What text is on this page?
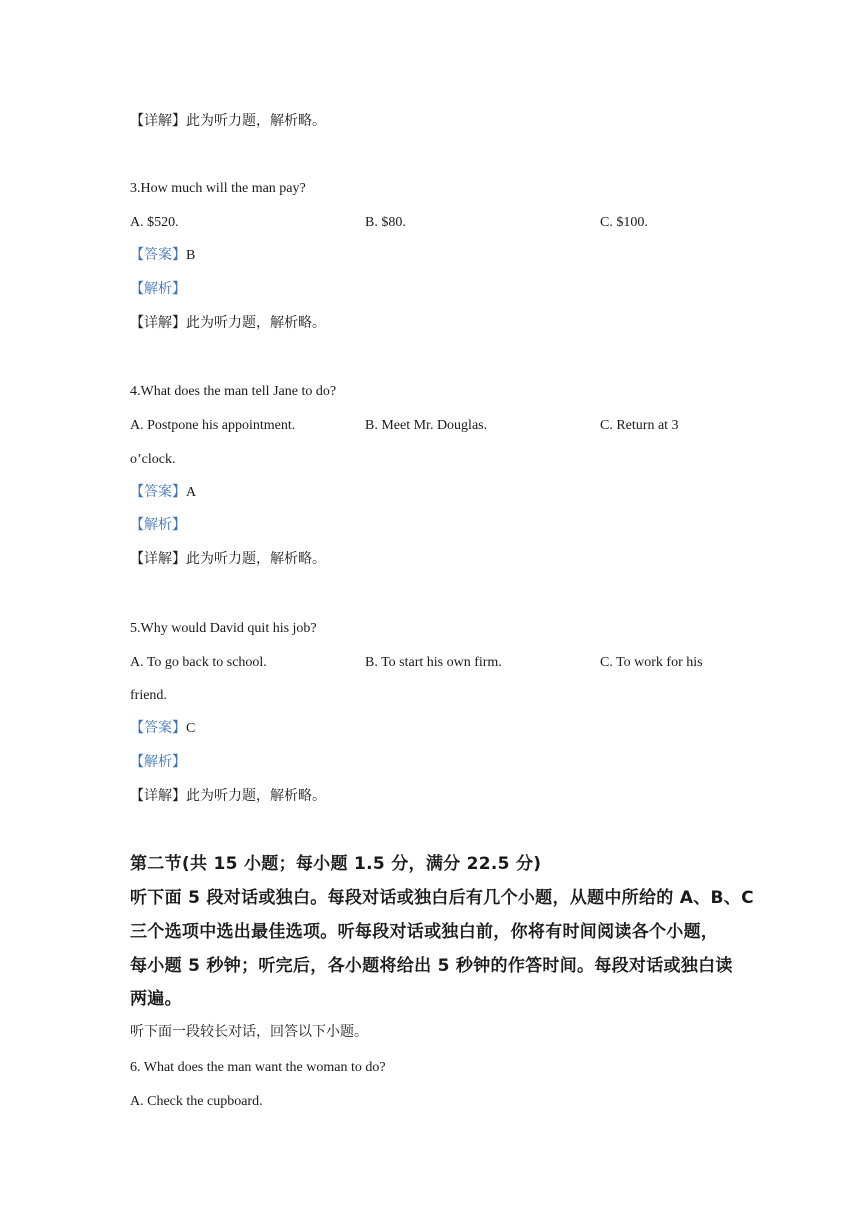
【详解】此为听力题，解析略。
3.How much will the man pay?
A. $520.	B. $80.	C. $100.
【答案】B
【解析】
【详解】此为听力题，解析略。
4.What does the man tell Jane to do?
A. Postpone his appointment.	B. Meet Mr. Douglas.	C. Return at 3
o’clock.
【答案】A
【解析】
【详解】此为听力题，解析略。
5.Why would David quit his job?
A. To go back to school.	B. To start his own firm.	C. To work for his
friend.
【答案】C
【解析】
【详解】此为听力题，解析略。
第二节(共 15 小题；每小题 1.5 分，满分 22.5 分)
听下面 5 段对话或独白。每段对话或独白后有几个小题，从题中所给的 A、B、C
三个选项中选出最佳选项。听每段对话或独白前，你将有时间阅读各个小题，
每小题 5 秒钟；听完后，各小题将给出 5 秒钟的作答时间。每段对话或独白读
两遍。
听下面一段较长对话，回答以下小题。
6. What does the man want the woman to do?
A. Check the cupboard.
